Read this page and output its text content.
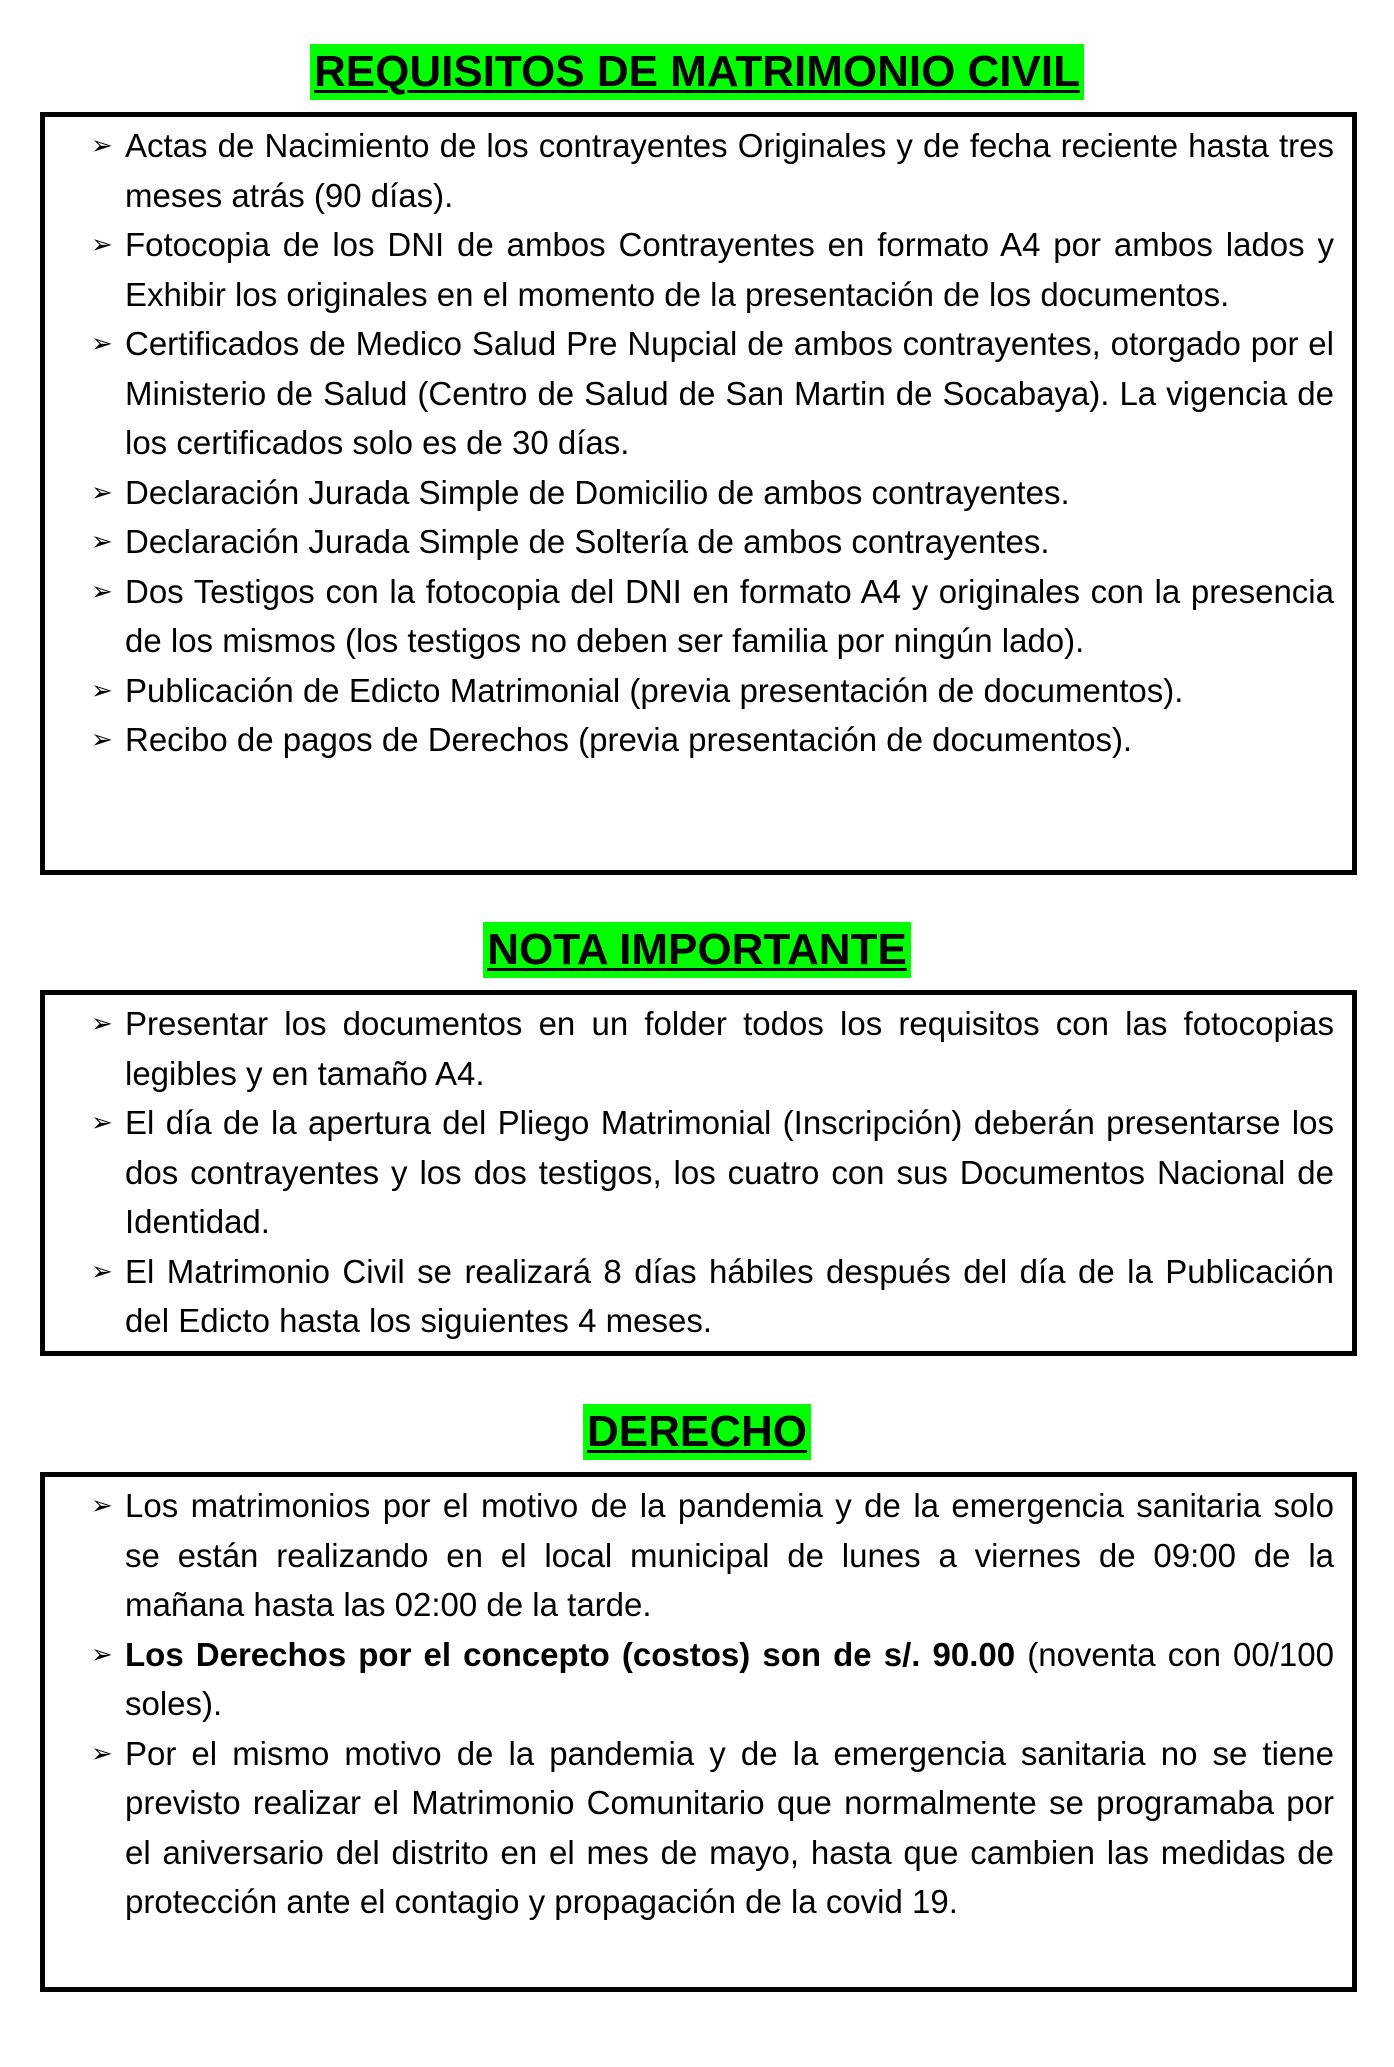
REQUISITOS DE MATRIMONIO CIVIL
➢ Actas de Nacimiento de los contrayentes Originales y de fecha reciente hasta tres meses atrás (90 días).
➢ Fotocopia de los DNI de ambos Contrayentes en formato A4 por ambos lados y Exhibir los originales en el momento de la presentación de los documentos.
➢ Certificados de Medico Salud Pre Nupcial de ambos contrayentes, otorgado por el Ministerio de Salud (Centro de Salud de San Martin de Socabaya). La vigencia de los certificados solo es de 30 días.
➢ Declaración Jurada Simple de Domicilio de ambos contrayentes.
➢ Declaración Jurada Simple de Soltería de ambos contrayentes.
➢ Dos Testigos con la fotocopia del DNI en formato A4 y originales con la presencia de los mismos (los testigos no deben ser familia por ningún lado).
➢ Publicación de Edicto Matrimonial (previa presentación de documentos).
➢ Recibo de pagos de Derechos (previa presentación de documentos).
NOTA IMPORTANTE
➢ Presentar los documentos en un folder todos los requisitos con las fotocopias legibles y en tamaño A4.
➢ El día de la apertura del Pliego Matrimonial (Inscripción) deberán presentarse los dos contrayentes y los dos testigos, los cuatro con sus Documentos Nacional de Identidad.
➢ El Matrimonio Civil se realizará 8 días hábiles después del día de la Publicación del Edicto hasta los siguientes 4 meses.
DERECHO
➢ Los matrimonios por el motivo de la pandemia y de la emergencia sanitaria solo se están realizando en el local municipal de lunes a viernes de 09:00 de la mañana hasta las 02:00 de la tarde.
➢ Los Derechos por el concepto (costos) son de s/. 90.00 (noventa con 00/100 soles).
➢ Por el mismo motivo de la pandemia y de la emergencia sanitaria no se tiene previsto realizar el Matrimonio Comunitario que normalmente se programaba por el aniversario del distrito en el mes de mayo, hasta que cambien las medidas de protección ante el contagio y propagación de la covid 19.
